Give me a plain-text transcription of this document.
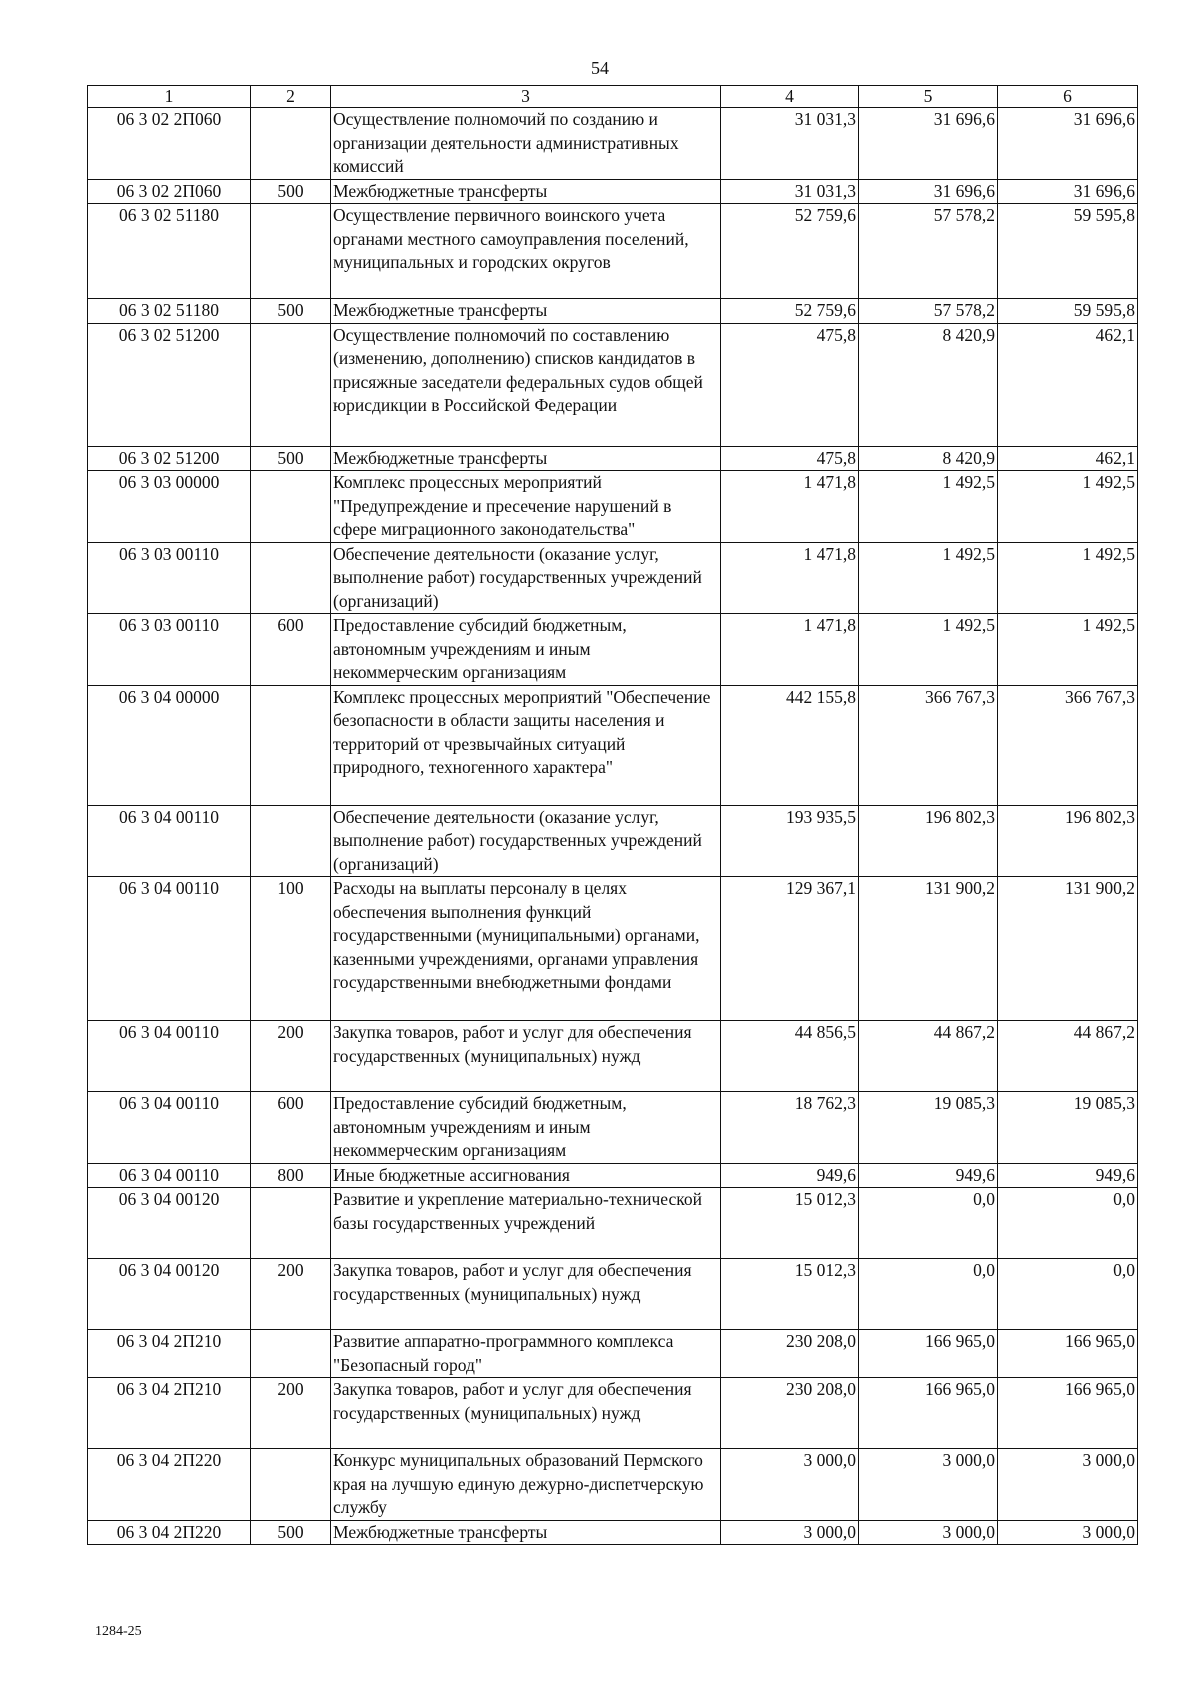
54
1	2	3	4	5	6
06 3 02 2П060		Осуществление полномочий по созданию и организации деятельности административных комиссий	31 031,3	31 696,6	31 696,6
06 3 02 2П060	500	Межбюджетные трансферты	31 031,3	31 696,6	31 696,6
06 3 02 51180		Осуществление первичного воинского учета органами местного самоуправления поселений, муниципальных и городских округов	52 759,6	57 578,2	59 595,8
06 3 02 51180	500	Межбюджетные трансферты	52 759,6	57 578,2	59 595,8
06 3 02 51200		Осуществление полномочий по составлению (изменению, дополнению) списков кандидатов в присяжные заседатели федеральных судов общей юрисдикции в Российской Федерации	475,8	8 420,9	462,1
06 3 02 51200	500	Межбюджетные трансферты	475,8	8 420,9	462,1
06 3 03 00000		Комплекс процессных мероприятий "Предупреждение и пресечение нарушений в сфере миграционного законодательства"	1 471,8	1 492,5	1 492,5
06 3 03 00110		Обеспечение деятельности (оказание услуг, выполнение работ) государственных учреждений (организаций)	1 471,8	1 492,5	1 492,5
06 3 03 00110	600	Предоставление субсидий бюджетным, автономным учреждениям и иным некоммерческим организациям	1 471,8	1 492,5	1 492,5
06 3 04 00000		Комплекс процессных мероприятий "Обеспечение безопасности в области защиты населения и территорий от чрезвычайных ситуаций природного, техногенного характера"	442 155,8	366 767,3	366 767,3
06 3 04 00110		Обеспечение деятельности (оказание услуг, выполнение работ) государственных учреждений (организаций)	193 935,5	196 802,3	196 802,3
06 3 04 00110	100	Расходы на выплаты персоналу в целях обеспечения выполнения функций государственными (муниципальными) органами, казенными учреждениями, органами управления государственными внебюджетными фондами	129 367,1	131 900,2	131 900,2
06 3 04 00110	200	Закупка товаров, работ и услуг для обеспечения государственных (муниципальных) нужд	44 856,5	44 867,2	44 867,2
06 3 04 00110	600	Предоставление субсидий бюджетным, автономным учреждениям и иным некоммерческим организациям	18 762,3	19 085,3	19 085,3
06 3 04 00110	800	Иные бюджетные ассигнования	949,6	949,6	949,6
06 3 04 00120		Развитие и укрепление материально-технической базы государственных учреждений	15 012,3	0,0	0,0
06 3 04 00120	200	Закупка товаров, работ и услуг для обеспечения государственных (муниципальных) нужд	15 012,3	0,0	0,0
06 3 04 2П210		Развитие аппаратно-программного комплекса "Безопасный город"	230 208,0	166 965,0	166 965,0
06 3 04 2П210	200	Закупка товаров, работ и услуг для обеспечения государственных (муниципальных) нужд	230 208,0	166 965,0	166 965,0
06 3 04 2П220		Конкурс муниципальных образований Пермского края на лучшую единую дежурно-диспетчерскую службу	3 000,0	3 000,0	3 000,0
06 3 04 2П220	500	Межбюджетные трансферты	3 000,0	3 000,0	3 000,0
1284-25
